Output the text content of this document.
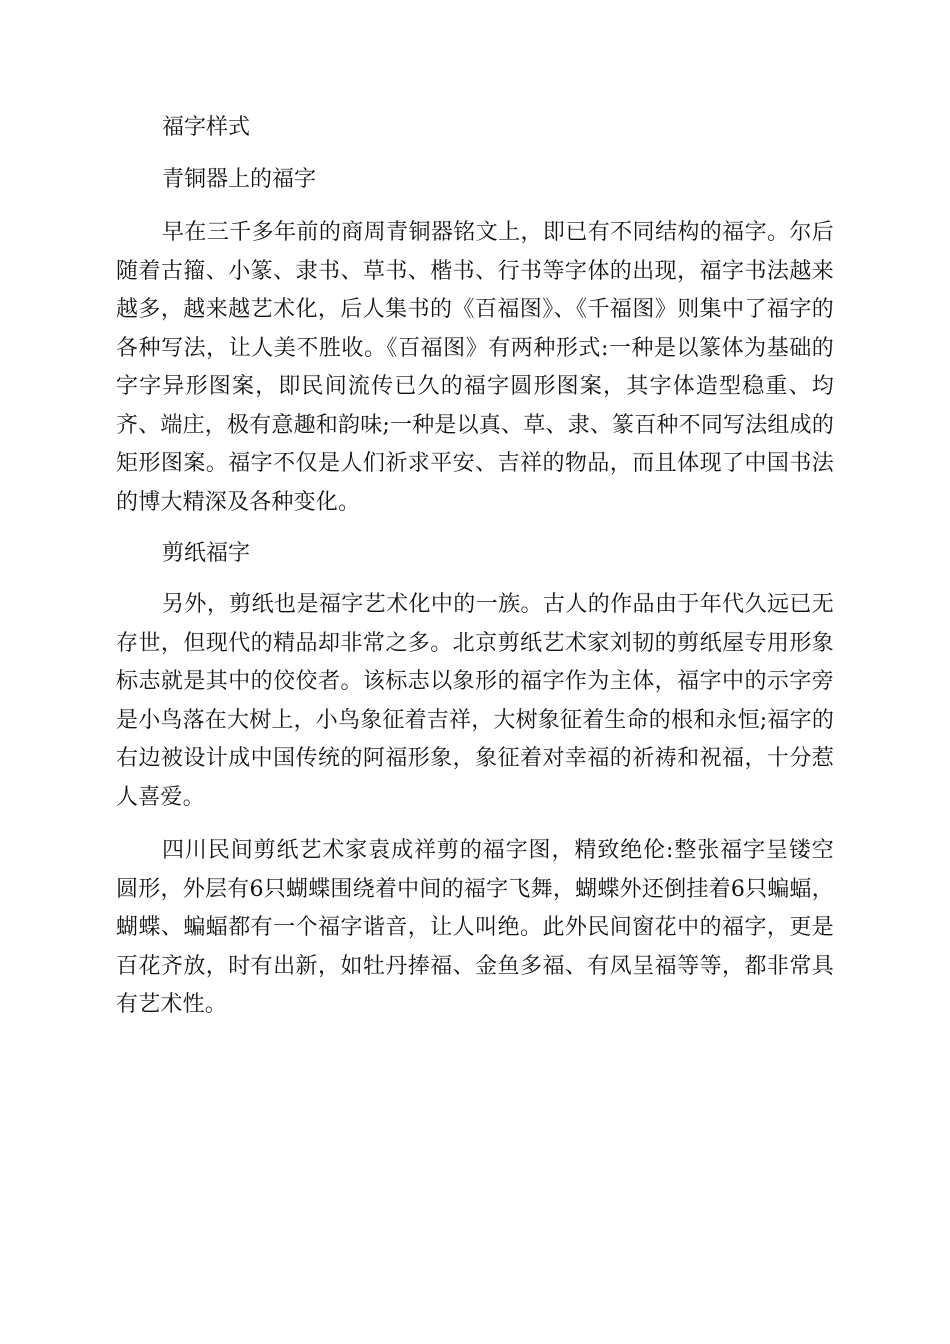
福字样式

青铜器上的福字

早在三千多年前的商周青铜器铭文上，即已有不同结构的福字。尔后随着古籀、小篆、隶书、草书、楷书、行书等字体的出现，福字书法越来越多，越来越艺术化，后人集书的《百福图》、《千福图》则集中了福字的各种写法，让人美不胜收。《百福图》有两种形式:一种是以篆体为基础的字字异形图案，即民间流传已久的福字圆形图案，其字体造型稳重、均齐、端庄，极有意趣和韵味;一种是以真、草、隶、篆百种不同写法组成的矩形图案。福字不仅是人们祈求平安、吉祥的物品，而且体现了中国书法的博大精深及各种变化。

剪纸福字

另外，剪纸也是福字艺术化中的一族。古人的作品由于年代久远已无存世，但现代的精品却非常之多。北京剪纸艺术家刘韧的剪纸屋专用形象标志就是其中的佼佼者。该标志以象形的福字作为主体，福字中的示字旁是小鸟落在大树上，小鸟象征着吉祥，大树象征着生命的根和永恒;福字的右边被设计成中国传统的阿福形象，象征着对幸福的祈祷和祝福，十分惹人喜爱。

四川民间剪纸艺术家袁成祥剪的福字图，精致绝伦:整张福字呈镂空圆形，外层有6只蝴蝶围绕着中间的福字飞舞，蝴蝶外还倒挂着6只蝙蝠，蝴蝶、蝙蝠都有一个福字谐音，让人叫绝。此外民间窗花中的福字，更是百花齐放，时有出新，如牡丹捧福、金鱼多福、有凤呈福等等，都非常具有艺术性。
